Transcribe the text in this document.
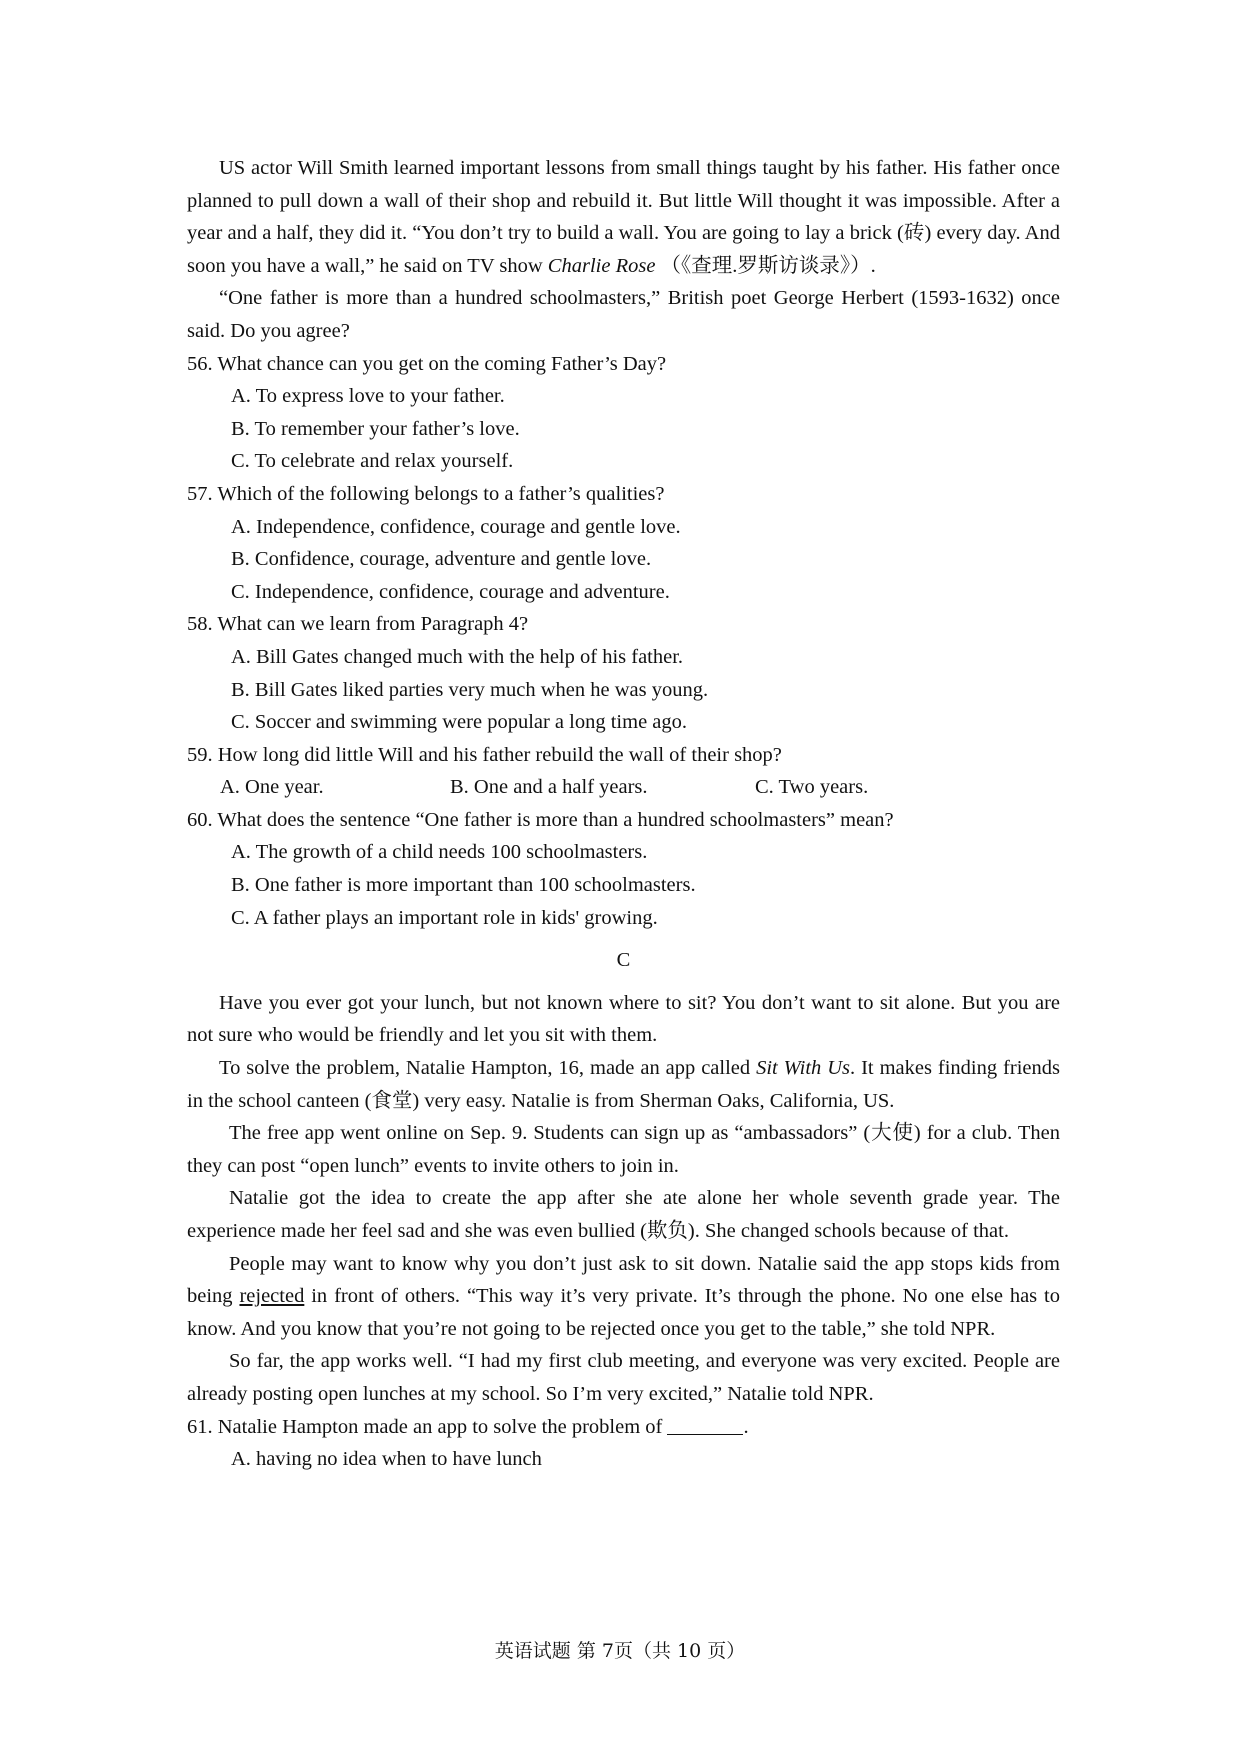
US actor Will Smith learned important lessons from small things taught by his father. His father once planned to pull down a wall of their shop and rebuild it. But little Will thought it was impossible. After a year and a half, they did it. “You don’t try to build a wall. You are going to lay a brick (砖) every day. And soon you have a wall,” he said on TV show Charlie Rose （《查理.罗斯访谈录》）.

“One father is more than a hundred schoolmasters,” British poet George Herbert (1593-1632) once said. Do you agree?

56. What chance can you get on the coming Father’s Day?
A. To express love to your father.
B. To remember your father’s love.
C. To celebrate and relax yourself.
57. Which of the following belongs to a father’s qualities?
A. Independence, confidence, courage and gentle love.
B. Confidence, courage, adventure and gentle love.
C. Independence, confidence, courage and adventure.
58. What can we learn from Paragraph 4?
A. Bill Gates changed much with the help of his father.
B. Bill Gates liked parties very much when he was young.
C. Soccer and swimming were popular a long time ago.
59. How long did little Will and his father rebuild the wall of their shop?
A. One year.	B. One and a half years.	C. Two years.
60. What does the sentence “One father is more than a hundred schoolmasters” mean?
A. The growth of a child needs 100 schoolmasters.
B. One father is more important than 100 schoolmasters.
C. A father plays an important role in kids' growing.
C

Have you ever got your lunch, but not known where to sit? You don’t want to sit alone. But you are not sure who would be friendly and let you sit with them.

To solve the problem, Natalie Hampton, 16, made an app called Sit With Us. It makes finding friends in the school canteen (食堂) very easy. Natalie is from Sherman Oaks, California, US.

The free app went online on Sep. 9. Students can sign up as “ambassadors” (大使) for a club. Then they can post “open lunch” events to invite others to join in.

Natalie got the idea to create the app after she ate alone her whole seventh grade year. The experience made her feel sad and she was even bullied (欺负). She changed schools because of that.

People may want to know why you don’t just ask to sit down. Natalie said the app stops kids from being rejected in front of others. “This way it’s very private. It’s through the phone. No one else has to know. And you know that you’re not going to be rejected once you get to the table,” she told NPR.

So far, the app works well. “I had my first club meeting, and everyone was very excited. People are already posting open lunches at my school. So I’m very excited,” Natalie told NPR.

61. Natalie Hampton made an app to solve the problem of	.
A. having no idea when to have lunch
英语试题 第 7页（共 10 页）
